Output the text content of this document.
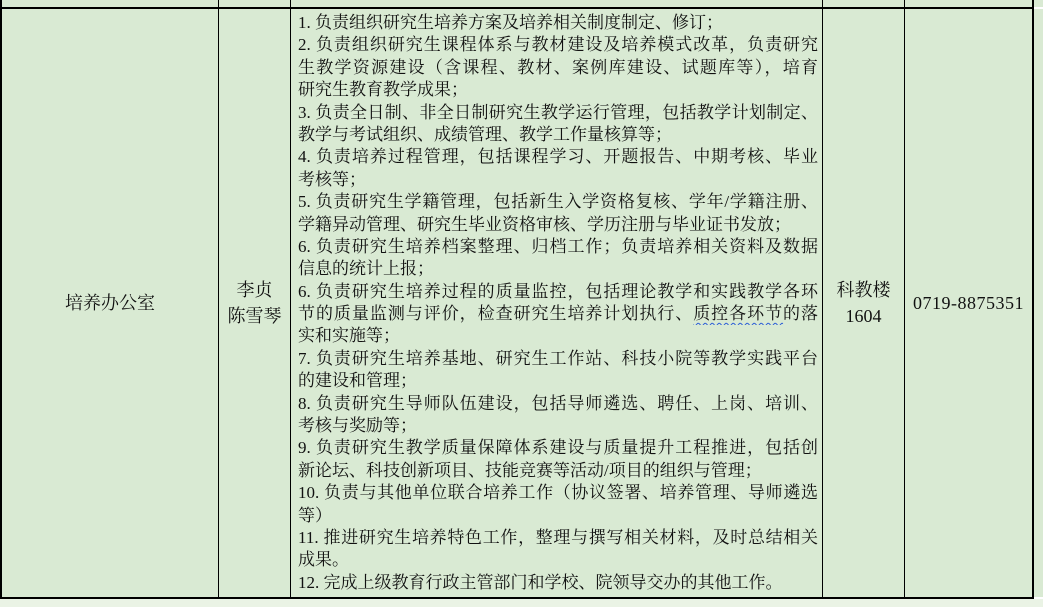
培养办公室
李贞
陈雪琴
1. 负责组织研究生培养方案及培养相关制度制定、修订；
2. 负责组织研究生课程体系与教材建设及培养模式改革，负责研究
生教学资源建设（含课程、教材、案例库建设、试题库等），培育
研究生教育教学成果；
3. 负责全日制、非全日制研究生教学运行管理，包括教学计划制定、
教学与考试组织、成绩管理、教学工作量核算等；
4. 负责培养过程管理，包括课程学习、开题报告、中期考核、毕业
考核等；
5. 负责研究生学籍管理，包括新生入学资格复核、学年/学籍注册、
学籍异动管理、研究生毕业资格审核、学历注册与毕业证书发放；
6. 负责研究生培养档案整理、归档工作；负责培养相关资料及数据
信息的统计上报；
6. 负责研究生培养过程的质量监控，包括理论教学和实践教学各环
节的质量监测与评价，检查研究生培养计划执行、质控各环节的落
实和实施等；
7. 负责研究生培养基地、研究生工作站、科技小院等教学实践平台
的建设和管理；
8. 负责研究生导师队伍建设，包括导师遴选、聘任、上岗、培训、
考核与奖励等；
9. 负责研究生教学质量保障体系建设与质量提升工程推进，包括创
新论坛、科技创新项目、技能竞赛等活动/项目的组织与管理；
10. 负责与其他单位联合培养工作（协议签署、培养管理、导师遴选
等）
11. 推进研究生培养特色工作，整理与撰写相关材料，及时总结相关
成果。
12. 完成上级教育行政主管部门和学校、院领导交办的其他工作。
科教楼
1604
0719-8875351
